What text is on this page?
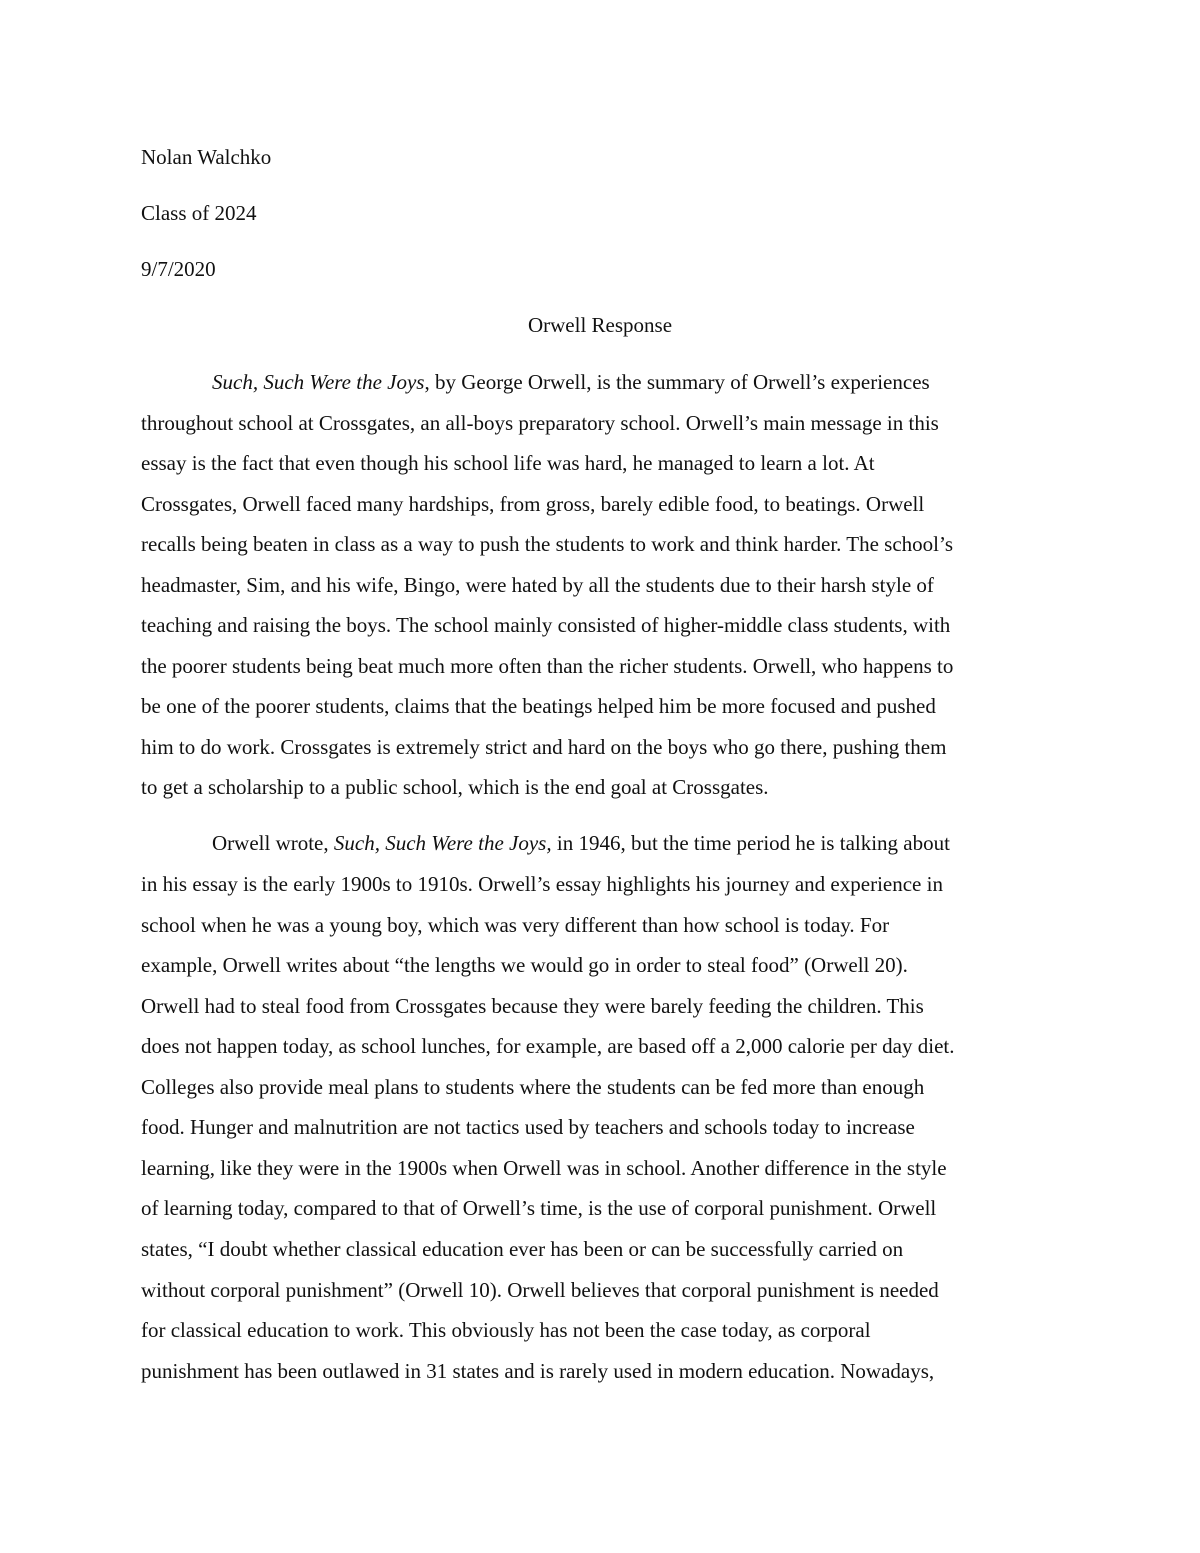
Nolan Walchko
Class of 2024
9/7/2020
Orwell Response
Such, Such Were the Joys, by George Orwell, is the summary of Orwell’s experiences
throughout school at Crossgates, an all-boys preparatory school. Orwell’s main message in this
essay is the fact that even though his school life was hard, he managed to learn a lot. At
Crossgates, Orwell faced many hardships, from gross, barely edible food, to beatings. Orwell
recalls being beaten in class as a way to push the students to work and think harder. The school’s
headmaster, Sim, and his wife, Bingo, were hated by all the students due to their harsh style of
teaching and raising the boys. The school mainly consisted of higher-middle class students, with
the poorer students being beat much more often than the richer students. Orwell, who happens to
be one of the poorer students, claims that the beatings helped him be more focused and pushed
him to do work. Crossgates is extremely strict and hard on the boys who go there, pushing them
to get a scholarship to a public school, which is the end goal at Crossgates.
Orwell wrote, Such, Such Were the Joys, in 1946, but the time period he is talking about
in his essay is the early 1900s to 1910s. Orwell’s essay highlights his journey and experience in
school when he was a young boy, which was very different than how school is today. For
example, Orwell writes about “the lengths we would go in order to steal food” (Orwell 20).
Orwell had to steal food from Crossgates because they were barely feeding the children. This
does not happen today, as school lunches, for example, are based off a 2,000 calorie per day diet.
Colleges also provide meal plans to students where the students can be fed more than enough
food. Hunger and malnutrition are not tactics used by teachers and schools today to increase
learning, like they were in the 1900s when Orwell was in school. Another difference in the style
of learning today, compared to that of Orwell’s time, is the use of corporal punishment. Orwell
states, “I doubt whether classical education ever has been or can be successfully carried on
without corporal punishment” (Orwell 10). Orwell believes that corporal punishment is needed
for classical education to work. This obviously has not been the case today, as corporal
punishment has been outlawed in 31 states and is rarely used in modern education. Nowadays,
